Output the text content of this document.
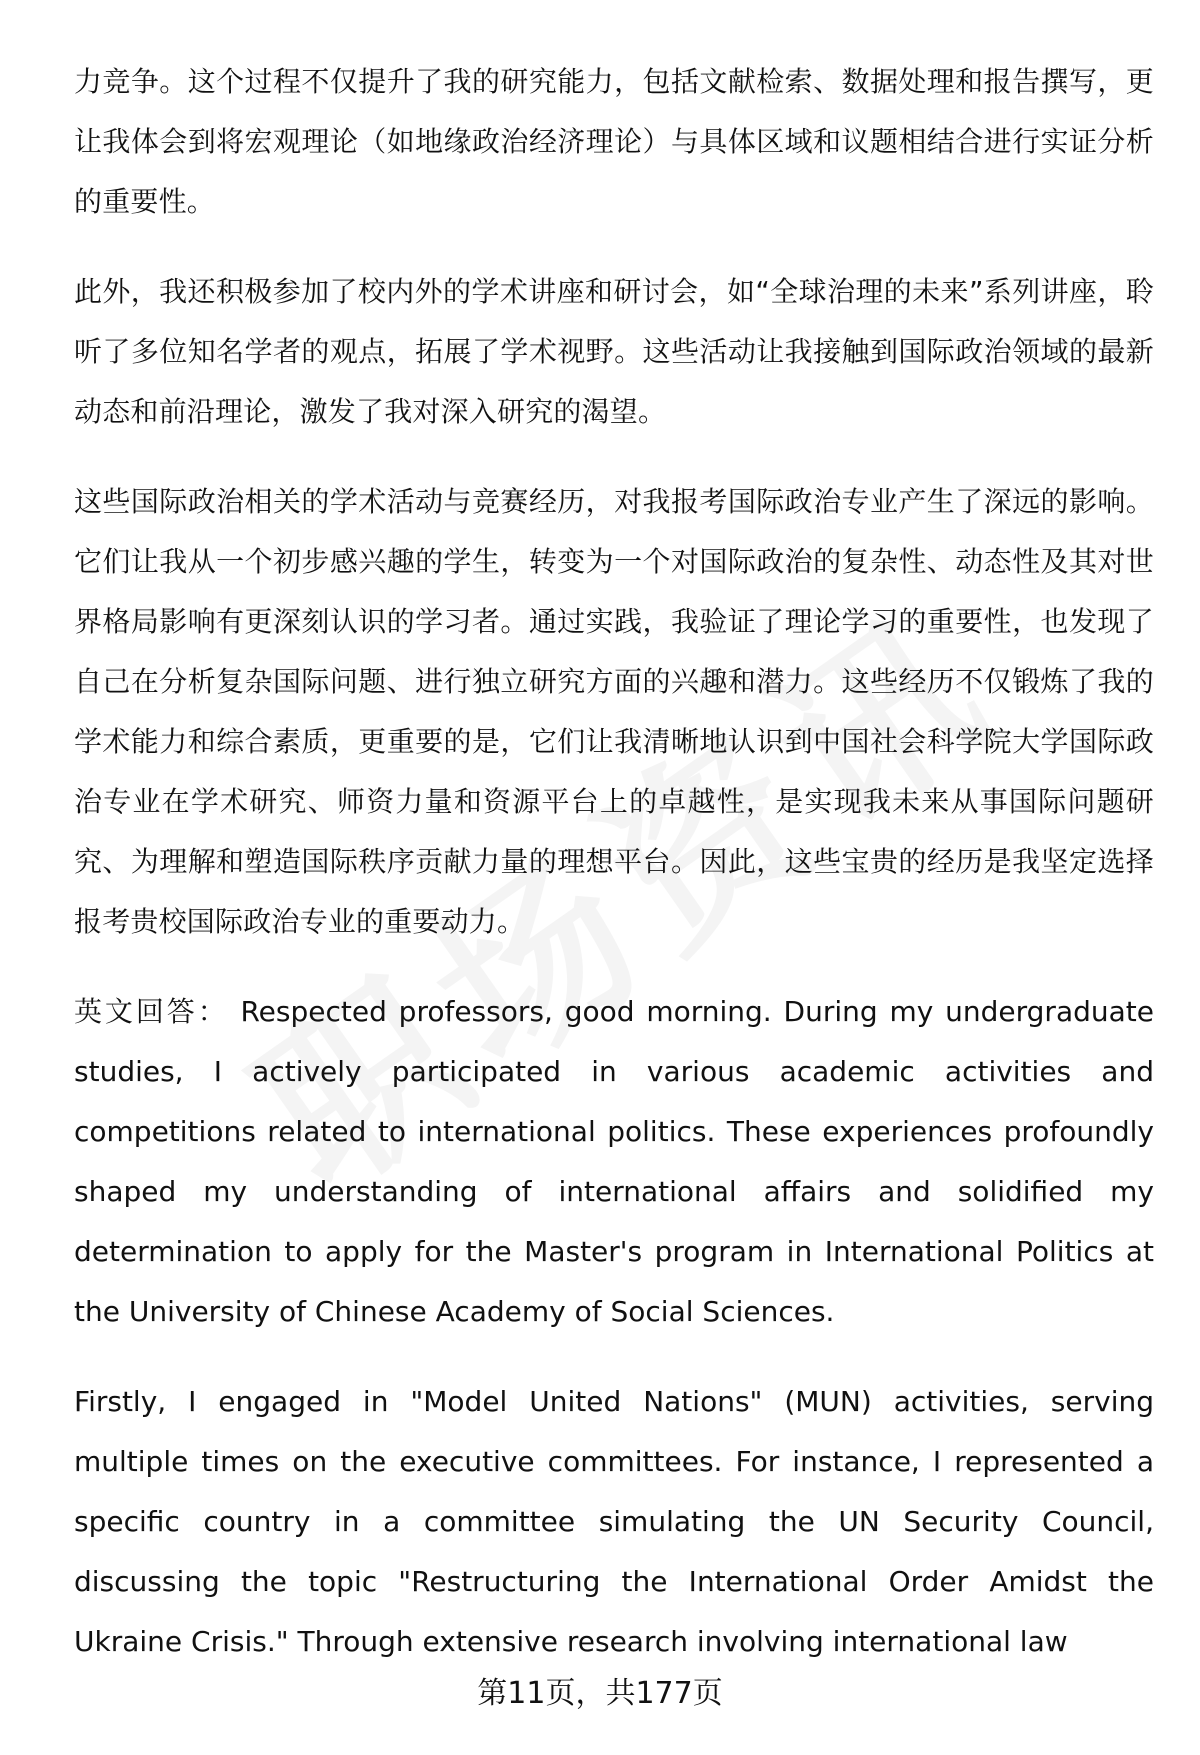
力竞争。这个过程不仅提升了我的研究能力，包括文献检索、数据处理和报告撰写，更让我体会到将宏观理论（如地缘政治经济理论）与具体区域和议题相结合进行实证分析的重要性。

此外，我还积极参加了校内外的学术讲座和研讨会，如“全球治理的未来”系列讲座，聆听了多位知名学者的观点，拓展了学术视野。这些活动让我接触到国际政治领域的最新动态和前沿理论，激发了我对深入研究的渴望。

这些国际政治相关的学术活动与竞赛经历，对我报考国际政治专业产生了深远的影响。它们让我从一个初步感兴趣的学生，转变为一个对国际政治的复杂性、动态性及其对世界格局影响有更深刻认识的学习者。通过实践，我验证了理论学习的重要性，也发现了自己在分析复杂国际问题、进行独立研究方面的兴趣和潜力。这些经历不仅锻炼了我的学术能力和综合素质，更重要的是，它们让我清晰地认识到中国社会科学院大学国际政治专业在学术研究、师资力量和资源平台上的卓越性，是实现我未来从事国际问题研究、为理解和塑造国际秩序贡献力量的理想平台。因此，这些宝贵的经历是我坚定选择报考贵校国际政治专业的重要动力。

英文回答： Respected professors, good morning. During my undergraduate studies, I actively participated in various academic activities and competitions related to international politics. These experiences profoundly shaped my understanding of international affairs and solidified my determination to apply for the Master's program in International Politics at the University of Chinese Academy of Social Sciences.

Firstly, I engaged in "Model United Nations" (MUN) activities, serving multiple times on the executive committees. For instance, I represented a specific country in a committee simulating the UN Security Council, discussing the topic "Restructuring the International Order Amidst the Ukraine Crisis." Through extensive research involving international law

第11页，共177页
